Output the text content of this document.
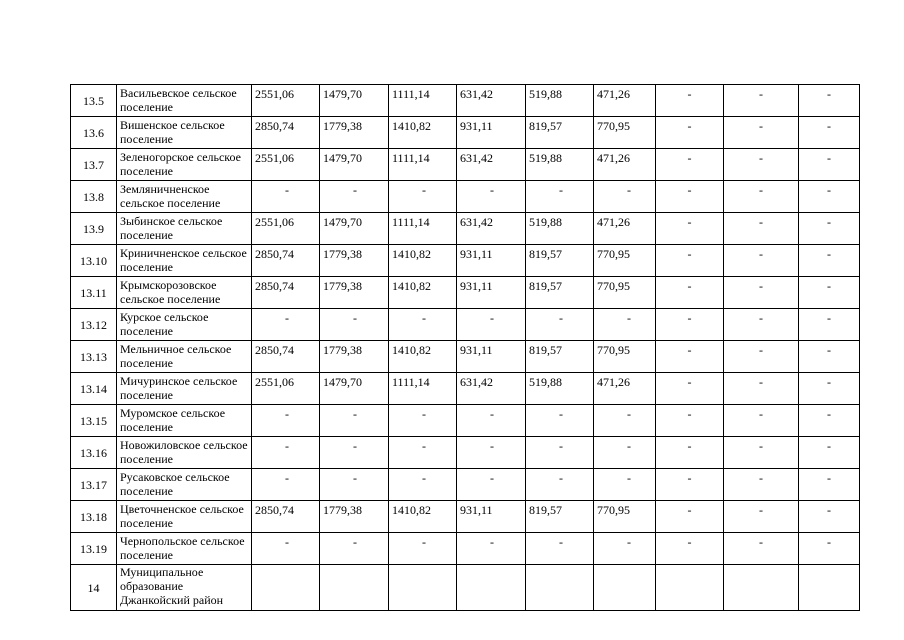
13.5	Васильевское сельское поселение	2551,06	1479,70	1111,14	631,42	519,88	471,26	-	-	-
13.6	Вишенское сельское поселение	2850,74	1779,38	1410,82	931,11	819,57	770,95	-	-	-
13.7	Зеленогорское сельское поселение	2551,06	1479,70	1111,14	631,42	519,88	471,26	-	-	-
13.8	Земляничненское сельское поселение	-	-	-	-	-	-	-	-	-
13.9	Зыбинское сельское поселение	2551,06	1479,70	1111,14	631,42	519,88	471,26	-	-	-
13.10	Криничненское сельское поселение	2850,74	1779,38	1410,82	931,11	819,57	770,95	-	-	-
13.11	Крымскорозовское сельское поселение	2850,74	1779,38	1410,82	931,11	819,57	770,95	-	-	-
13.12	Курское сельское поселение	-	-	-	-	-	-	-	-	-
13.13	Мельничное сельское поселение	2850,74	1779,38	1410,82	931,11	819,57	770,95	-	-	-
13.14	Мичуринское сельское поселение	2551,06	1479,70	1111,14	631,42	519,88	471,26	-	-	-
13.15	Муромское сельское поселение	-	-	-	-	-	-	-	-	-
13.16	Новожиловское сельское поселение	-	-	-	-	-	-	-	-	-
13.17	Русаковское сельское поселение	-	-	-	-	-	-	-	-	-
13.18	Цветочненское сельское поселение	2850,74	1779,38	1410,82	931,11	819,57	770,95	-	-	-
13.19	Чернопольское сельское поселение	-	-	-	-	-	-	-	-	-
14	Муниципальное образование Джанкойский район									
